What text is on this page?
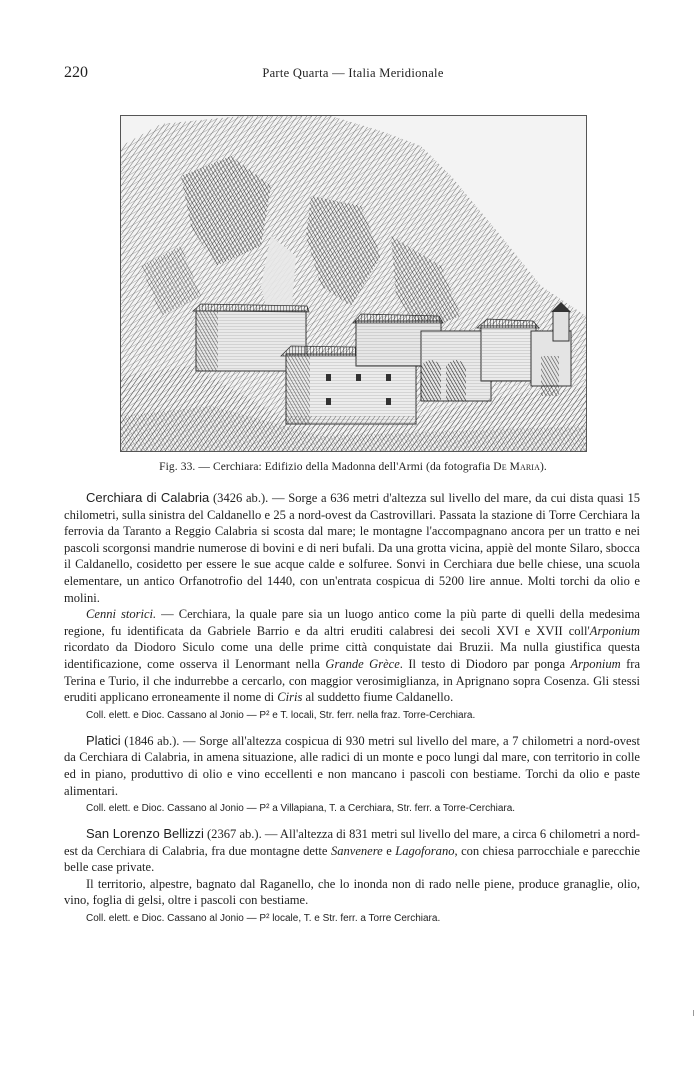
220	Parte Quarta — Italia Meridionale
Fig. 33. — Cerchiara: Edifizio della Madonna dell'Armi (da fotografia De Maria).

Cerchiara di Calabria (3426 ab.). — Sorge a 636 metri d'altezza sul livello del mare, da cui dista quasi 15 chilometri, sulla sinistra del Caldanello e 25 a nord-ovest da Castrovillari. Passata la stazione di Torre Cerchiara la ferrovia da Taranto a Reggio Calabria si scosta dal mare; le montagne l'accompagnano ancora per un tratto e nei pascoli scorgonsi mandrie numerose di bovini e di neri bufali. Da una grotta vicina, appiè del monte Silaro, sbocca il Caldanello, cosidetto per essere le sue acque calde e solfuree. Sonvi in Cerchiara due belle chiese, una scuola elementare, un antico Orfanotrofio del 1440, con un'entrata cospicua di 5200 lire annue. Molti torchi da olio e molini.

Cenni storici. — Cerchiara, la quale pare sia un luogo antico come la più parte di quelli della medesima regione, fu identificata da Gabriele Barrio e da altri eruditi calabresi dei secoli XVI e XVII coll'Arponium ricordato da Diodoro Siculo come una delle prime città conquistate dai Bruzii. Ma nulla giustifica questa identificazione, come osserva il Lenormant nella Grande Grèce. Il testo di Diodoro par ponga Arponium fra Terina e Turio, il che indurrebbe a cercarlo, con maggior verosimiglianza, in Aprignano sopra Cosenza. Gli stessi eruditi applicano erroneamente il nome di Ciris al suddetto fiume Caldanello.

Coll. elett. e Dioc. Cassano al Jonio — P² e T. locali, Str. ferr. nella fraz. Torre-Cerchiara.

Platici (1846 ab.). — Sorge all'altezza cospicua di 930 metri sul livello del mare, a 7 chilometri a nord-ovest da Cerchiara di Calabria, in amena situazione, alle radici di un monte e poco lungi dal mare, con territorio in colle ed in piano, produttivo di olio e vino eccellenti e non mancano i pascoli con bestiame. Torchi da olio e paste alimentari.

Coll. elett. e Dioc. Cassano al Jonio — P² a Villapiana, T. a Cerchiara, Str. ferr. a Torre-Cerchiara.

San Lorenzo Bellizzi (2367 ab.). — All'altezza di 831 metri sul livello del mare, a circa 6 chilometri a nord-est da Cerchiara di Calabria, fra due montagne dette Sanvenere e Lagoforano, con chiesa parrocchiale e parecchie belle case private.

Il territorio, alpestre, bagnato dal Raganello, che lo inonda non di rado nelle piene, produce granaglie, olio, vino, foglia di gelsi, oltre i pascoli con bestiame.

Coll. elett. e Dioc. Cassano al Jonio — P² locale, T. e Str. ferr. a Torre Cerchiara.
